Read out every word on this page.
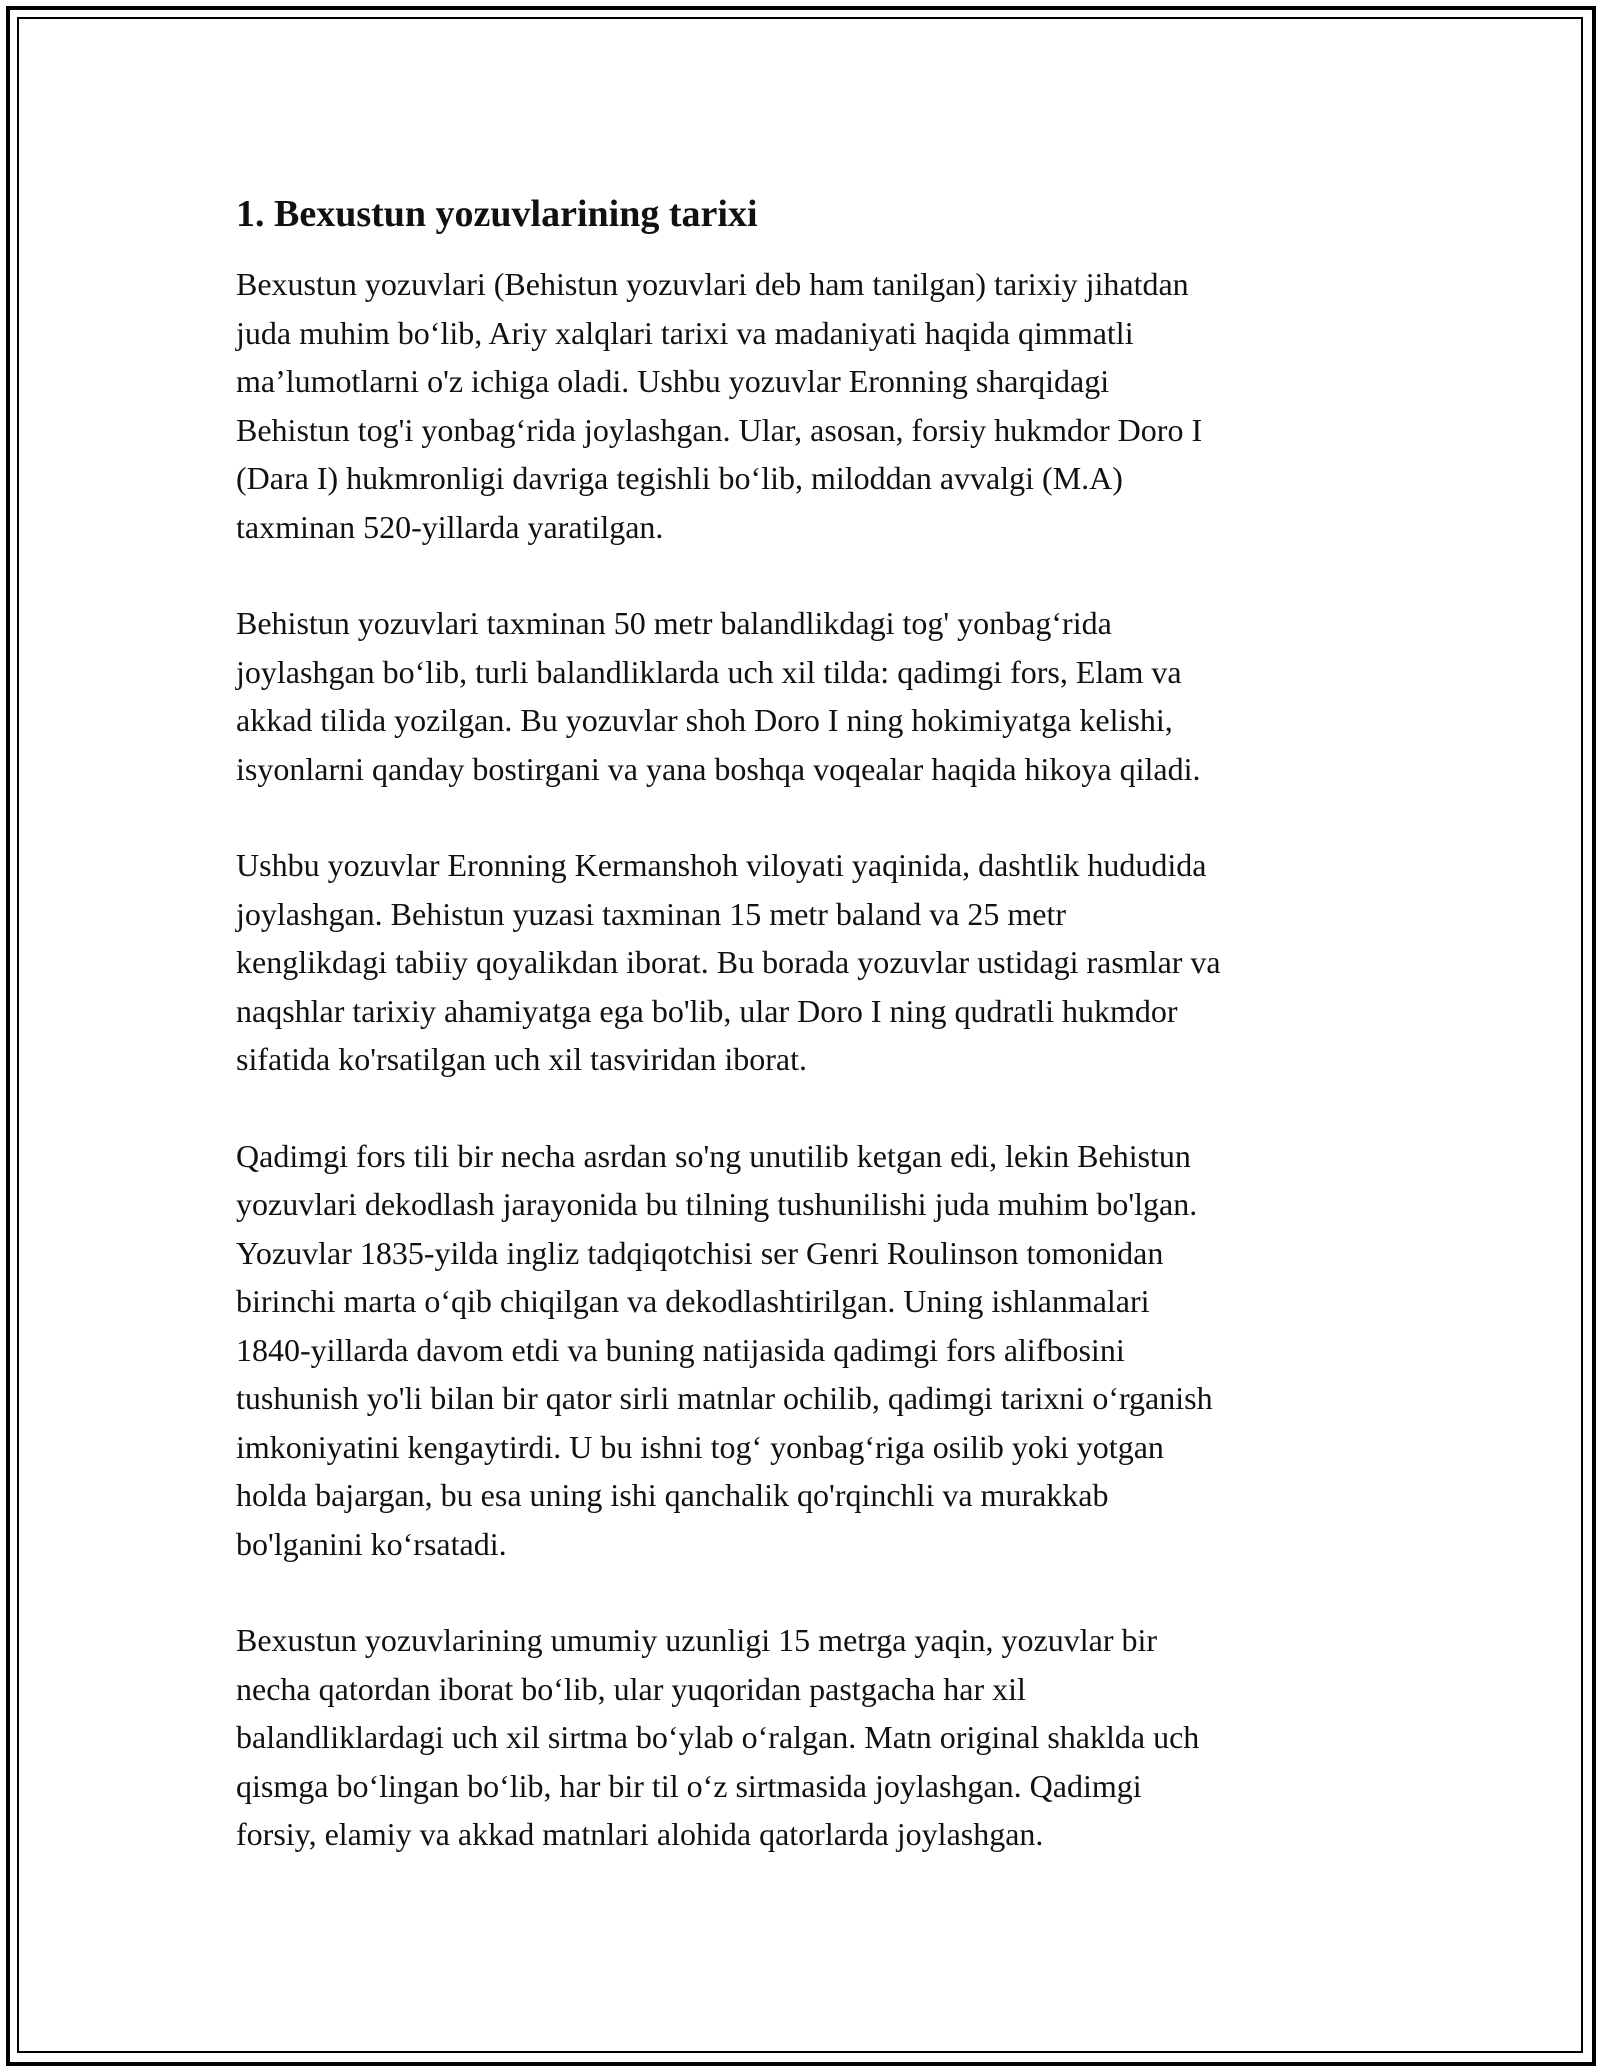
1. Bexustun yozuvlarining tarixi

Bexustun yozuvlari (Behistun yozuvlari deb ham tanilgan) tarixiy jihatdan
juda muhim bo‘lib, Ariy xalqlari tarixi va madaniyati haqida qimmatli
ma’lumotlarni o'z ichiga oladi. Ushbu yozuvlar Eronning sharqidagi
Behistun tog'i yonbag‘rida joylashgan. Ular, asosan, forsiy hukmdor Doro I
(Dara I) hukmronligi davriga tegishli bo‘lib, miloddan avvalgi (M.A)
taxminan 520-yillarda yaratilgan.

Behistun yozuvlari taxminan 50 metr balandlikdagi tog' yonbag‘rida
joylashgan bo‘lib, turli balandliklarda uch xil tilda: qadimgi fors, Elam va
akkad tilida yozilgan. Bu yozuvlar shoh Doro I ning hokimiyatga kelishi,
isyonlarni qanday bostirgani va yana boshqa voqealar haqida hikoya qiladi.

Ushbu yozuvlar Eronning Kermanshoh viloyati yaqinida, dashtlik hududida
joylashgan. Behistun yuzasi taxminan 15 metr baland va 25 metr
kenglikdagi tabiiy qoyalikdan iborat. Bu borada yozuvlar ustidagi rasmlar va
naqshlar tarixiy ahamiyatga ega bo'lib, ular Doro I ning qudratli hukmdor
sifatida ko'rsatilgan uch xil tasviridan iborat.

Qadimgi fors tili bir necha asrdan so'ng unutilib ketgan edi, lekin Behistun
yozuvlari dekodlash jarayonida bu tilning tushunilishi juda muhim bo'lgan.
Yozuvlar 1835-yilda ingliz tadqiqotchisi ser Genri Roulinson tomonidan
birinchi marta o‘qib chiqilgan va dekodlashtirilgan. Uning ishlanmalari
1840-yillarda davom etdi va buning natijasida qadimgi fors alifbosini
tushunish yo'li bilan bir qator sirli matnlar ochilib, qadimgi tarixni o‘rganish
imkoniyatini kengaytirdi. U bu ishni tog‘ yonbag‘riga osilib yoki yotgan
holda bajargan, bu esa uning ishi qanchalik qo'rqinchli va murakkab
bo'lganini ko‘rsatadi.

Bexustun yozuvlarining umumiy uzunligi 15 metrga yaqin, yozuvlar bir
necha qatordan iborat bo‘lib, ular yuqoridan pastgacha har xil
balandliklardagi uch xil sirtma bo‘ylab o‘ralgan. Matn original shaklda uch
qismga bo‘lingan bo‘lib, har bir til o‘z sirtmasida joylashgan. Qadimgi
forsiy, elamiy va akkad matnlari alohida qatorlarda joylashgan.
